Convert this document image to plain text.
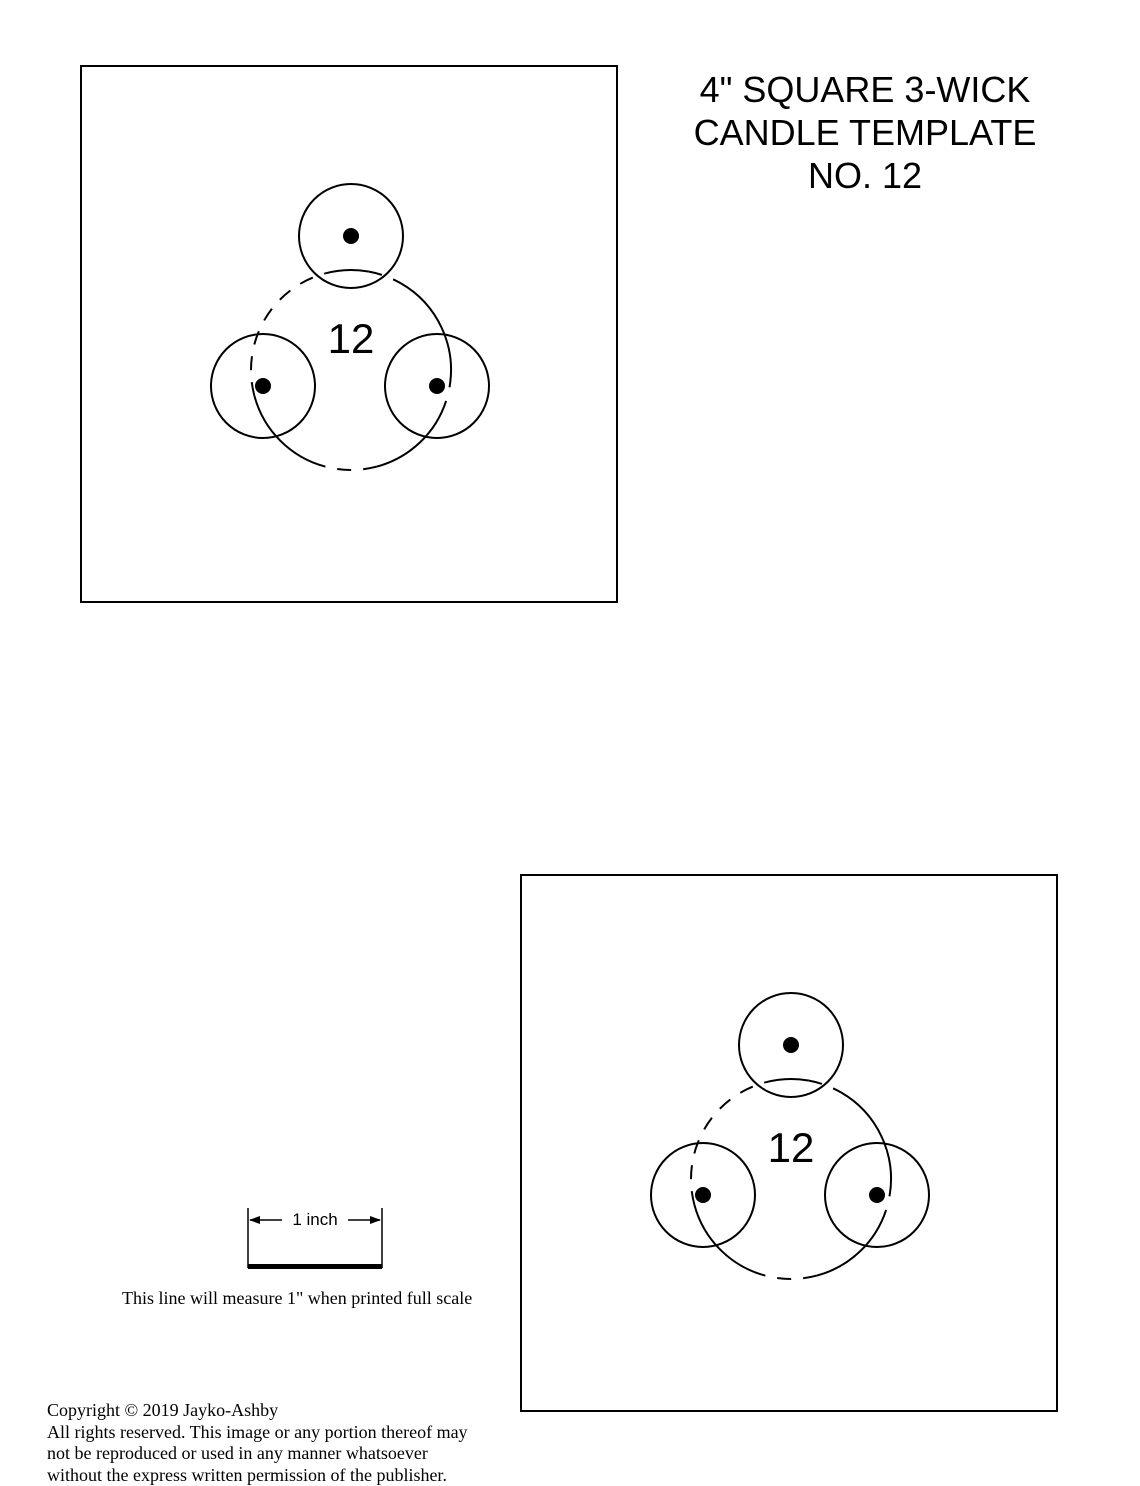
4" SQUARE 3-WICK
CANDLE TEMPLATE
NO. 12
12
12
1 inch
This line will measure 1" when printed full scale
Copyright © 2019 Jayko-Ashby
All rights reserved. This image or any portion thereof may
not be reproduced or used in any manner whatsoever
without the express written permission of the publisher.
